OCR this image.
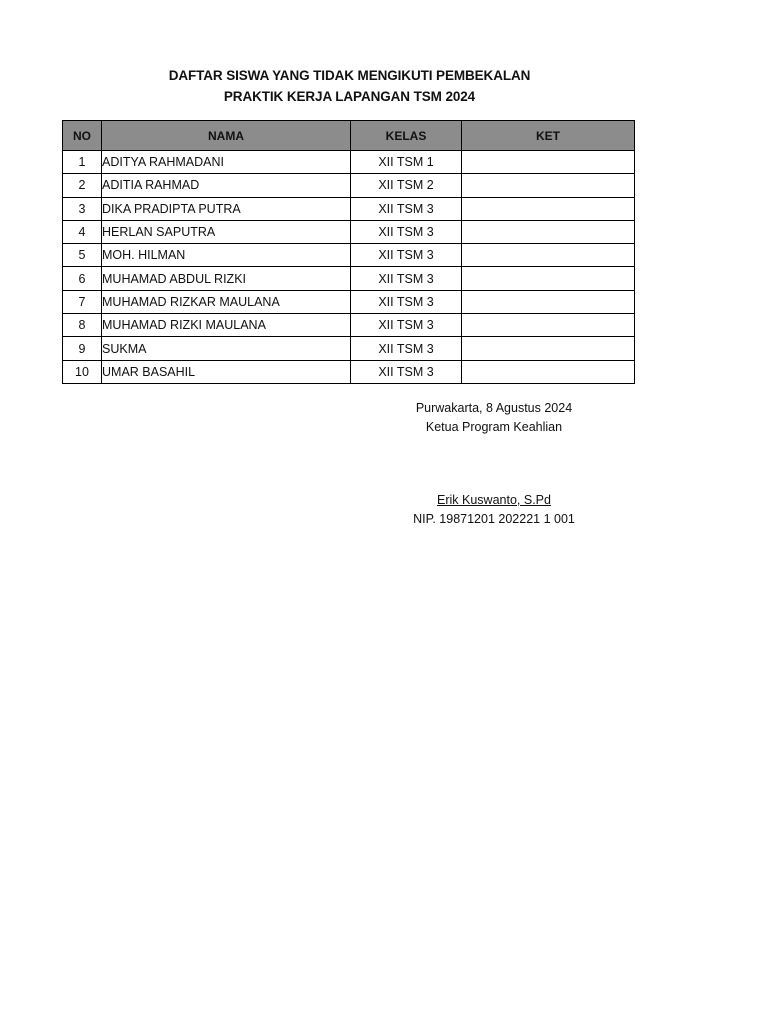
DAFTAR SISWA YANG TIDAK MENGIKUTI PEMBEKALAN
PRAKTIK KERJA LAPANGAN TSM 2024
NO	NAMA	KELAS	KET
1	ADITYA RAHMADANI	XII TSM 1	
2	ADITIA RAHMAD	XII TSM 2	
3	DIKA PRADIPTA PUTRA	XII TSM 3	
4	HERLAN SAPUTRA	XII TSM 3	
5	MOH. HILMAN	XII TSM 3	
6	MUHAMAD ABDUL RIZKI	XII TSM 3	
7	MUHAMAD RIZKAR MAULANA	XII TSM 3	
8	MUHAMAD RIZKI MAULANA	XII TSM 3	
9	SUKMA	XII TSM 3	
10	UMAR BASAHIL	XII TSM 3	
Purwakarta, 8 Agustus 2024
Ketua Program Keahlian
Erik Kuswanto, S.Pd
NIP. 19871201 202221 1 001
